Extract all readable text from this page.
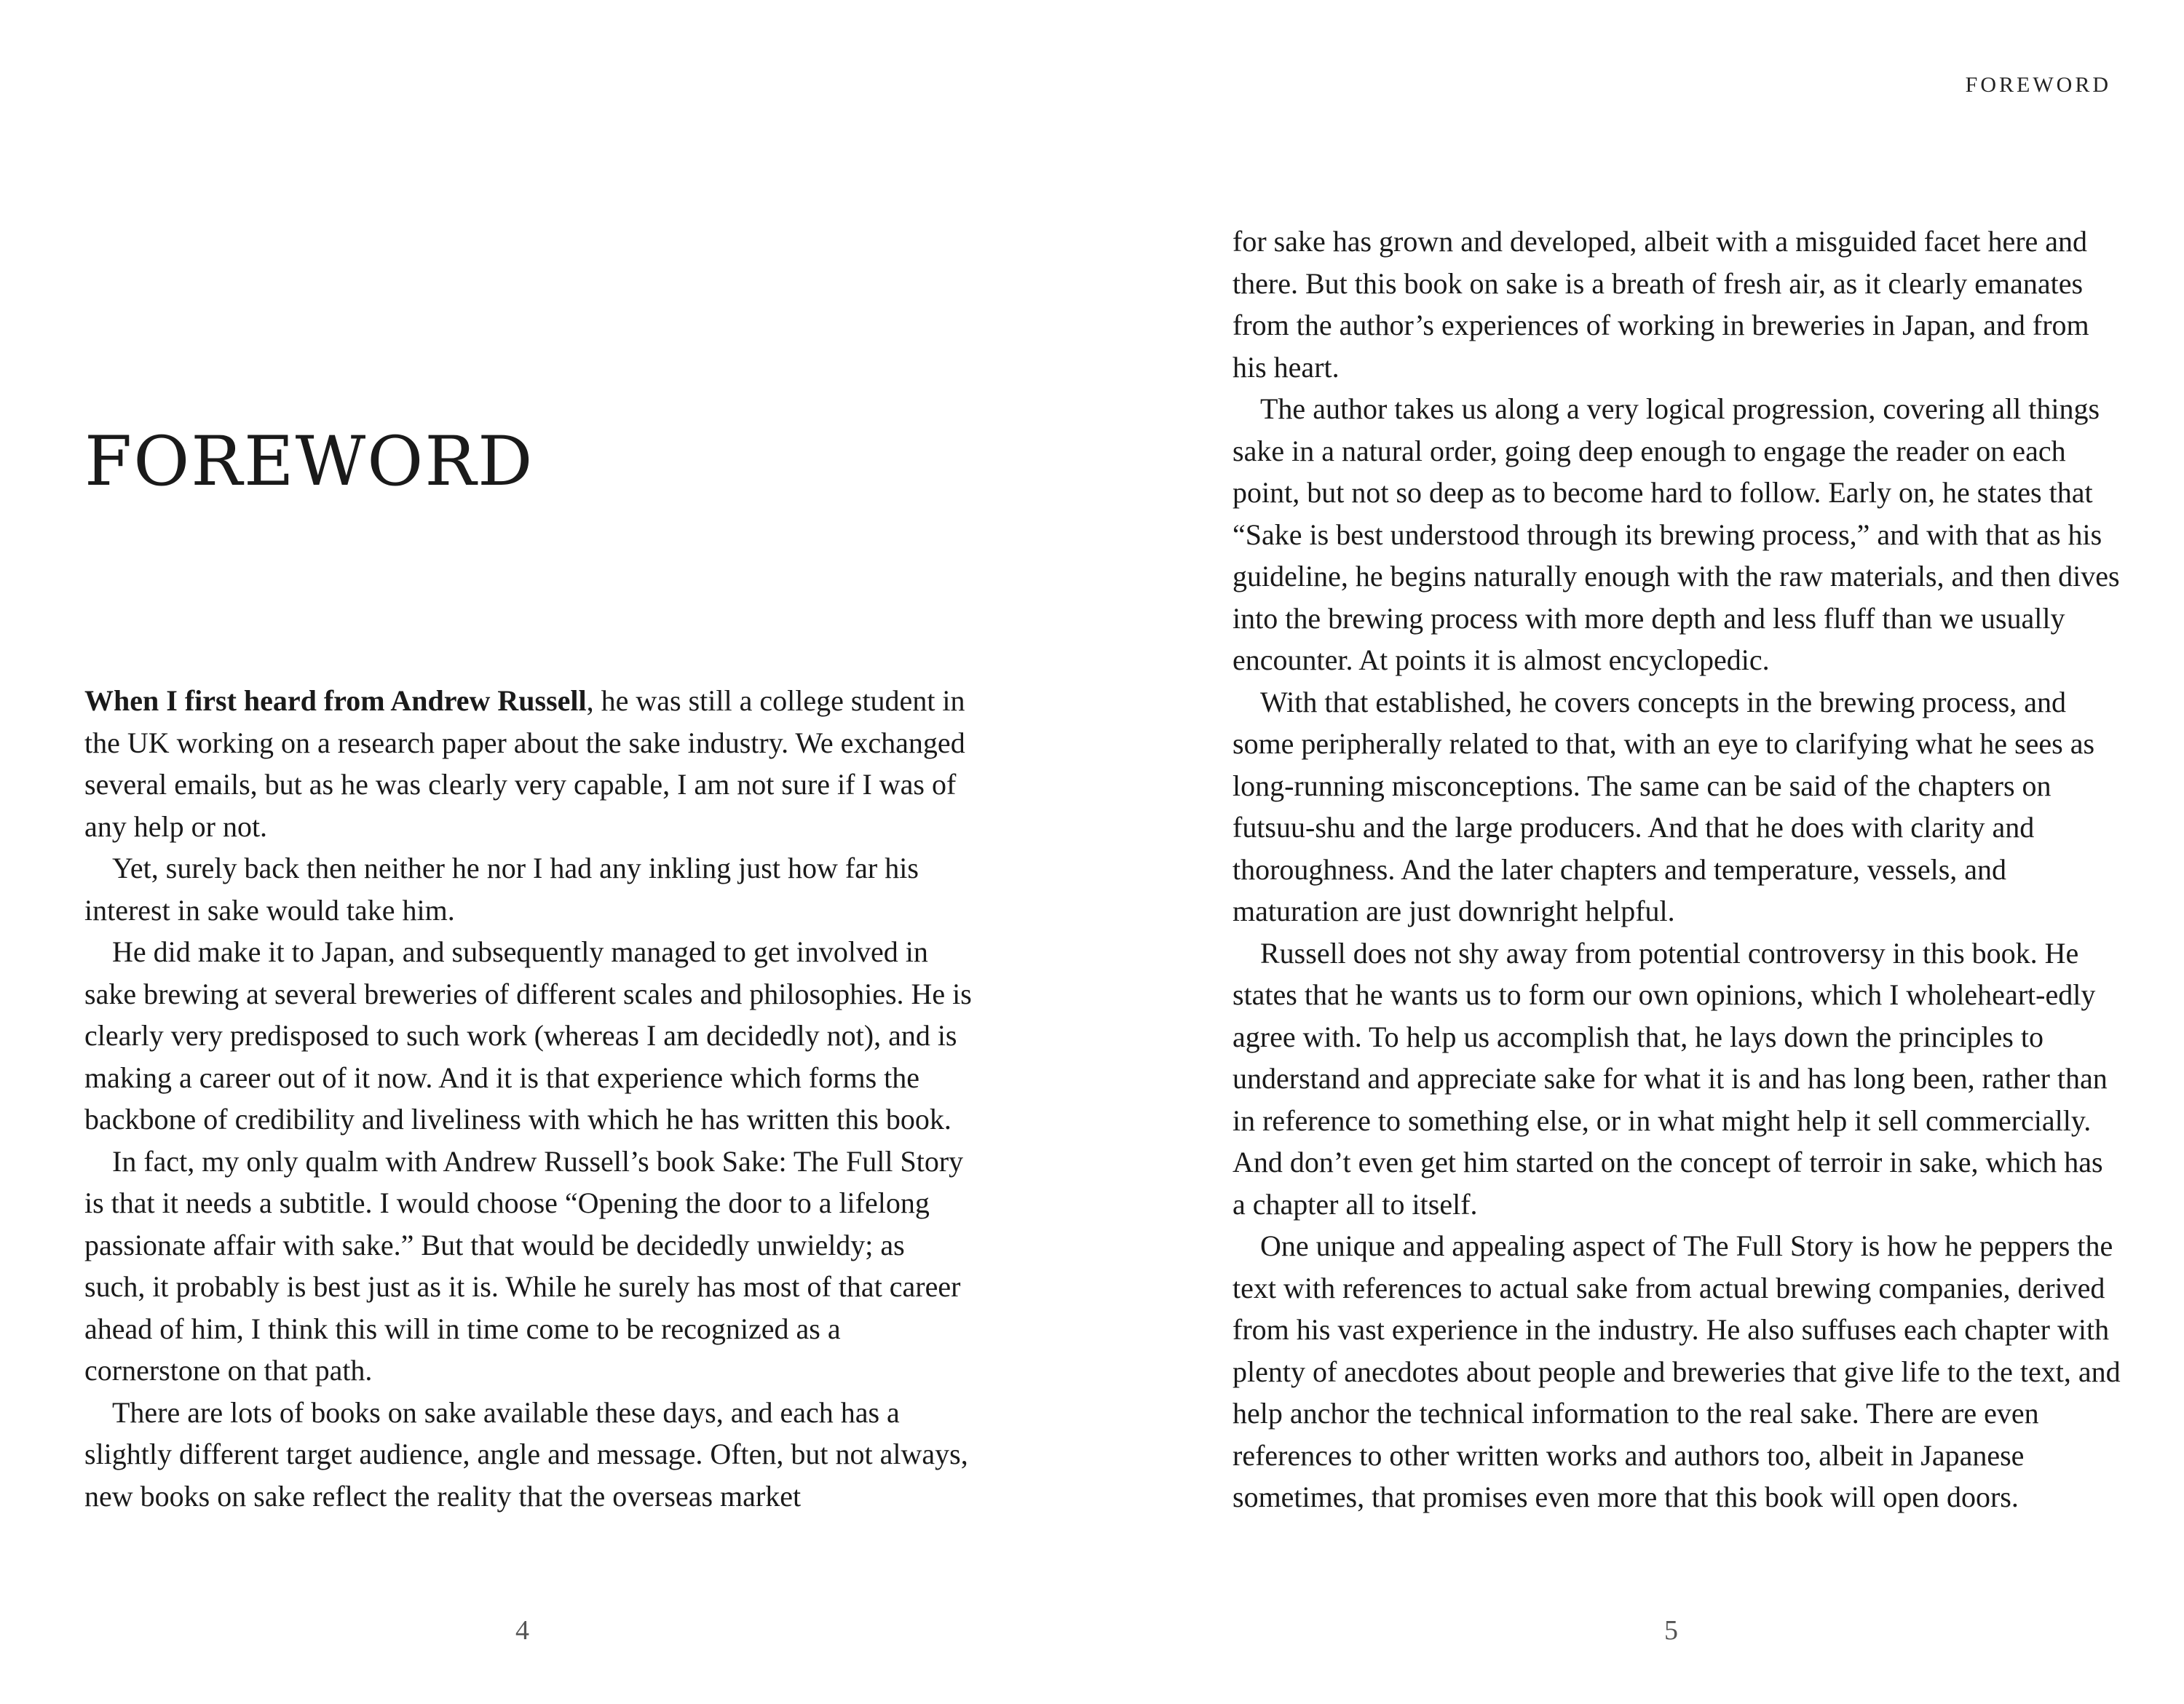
FOREWORD

When I first heard from Andrew Russell, he was still a college student in the UK working on a research paper about the sake industry. We exchanged several emails, but as he was clearly very capable, I am not sure if I was of any help or not.

Yet, surely back then neither he nor I had any inkling just how far his interest in sake would take him.

He did make it to Japan, and subsequently managed to get involved in sake brewing at several breweries of different scales and philosophies. He is clearly very predisposed to such work (whereas I am decidedly not), and is making a career out of it now. And it is that experience which forms the backbone of credibility and liveliness with which he has written this book.

In fact, my only qualm with Andrew Russell’s book Sake: The Full Story is that it needs a subtitle. I would choose “Opening the door to a lifelong passionate affair with sake.” But that would be decidedly unwieldy; as such, it probably is best just as it is. While he surely has most of that career ahead of him, I think this will in time come to be recognized as a cornerstone on that path.

There are lots of books on sake available these days, and each has a slightly different target audience, angle and message. Often, but not always, new books on sake reflect the reality that the overseas market

4
FOREWORD

for sake has grown and developed, albeit with a misguided facet here and there. But this book on sake is a breath of fresh air, as it clearly emanates from the author’s experiences of working in breweries in Japan, and from his heart.

The author takes us along a very logical progression, covering all things sake in a natural order, going deep enough to engage the reader on each point, but not so deep as to become hard to follow. Early on, he states that “Sake is best understood through its brewing process,” and with that as his guideline, he begins naturally enough with the raw materials, and then dives into the brewing process with more depth and less fluff than we usually encounter. At points it is almost encyclopedic.

With that established, he covers concepts in the brewing process, and some peripherally related to that, with an eye to clarifying what he sees as long-running misconceptions. The same can be said of the chapters on futsuu-shu and the large producers. And that he does with clarity and thoroughness. And the later chapters and temperature, vessels, and maturation are just downright helpful.

Russell does not shy away from potential controversy in this book. He states that he wants us to form our own opinions, which I wholeheart-edly agree with. To help us accomplish that, he lays down the principles to understand and appreciate sake for what it is and has long been, rather than in reference to something else, or in what might help it sell commercially. And don’t even get him started on the concept of terroir in sake, which has a chapter all to itself.

One unique and appealing aspect of The Full Story is how he peppers the text with references to actual sake from actual brewing companies, derived from his vast experience in the industry. He also suffuses each chapter with plenty of anecdotes about people and breweries that give life to the text, and help anchor the technical information to the real sake. There are even references to other written works and authors too, albeit in Japanese sometimes, that promises even more that this book will open doors.

5
